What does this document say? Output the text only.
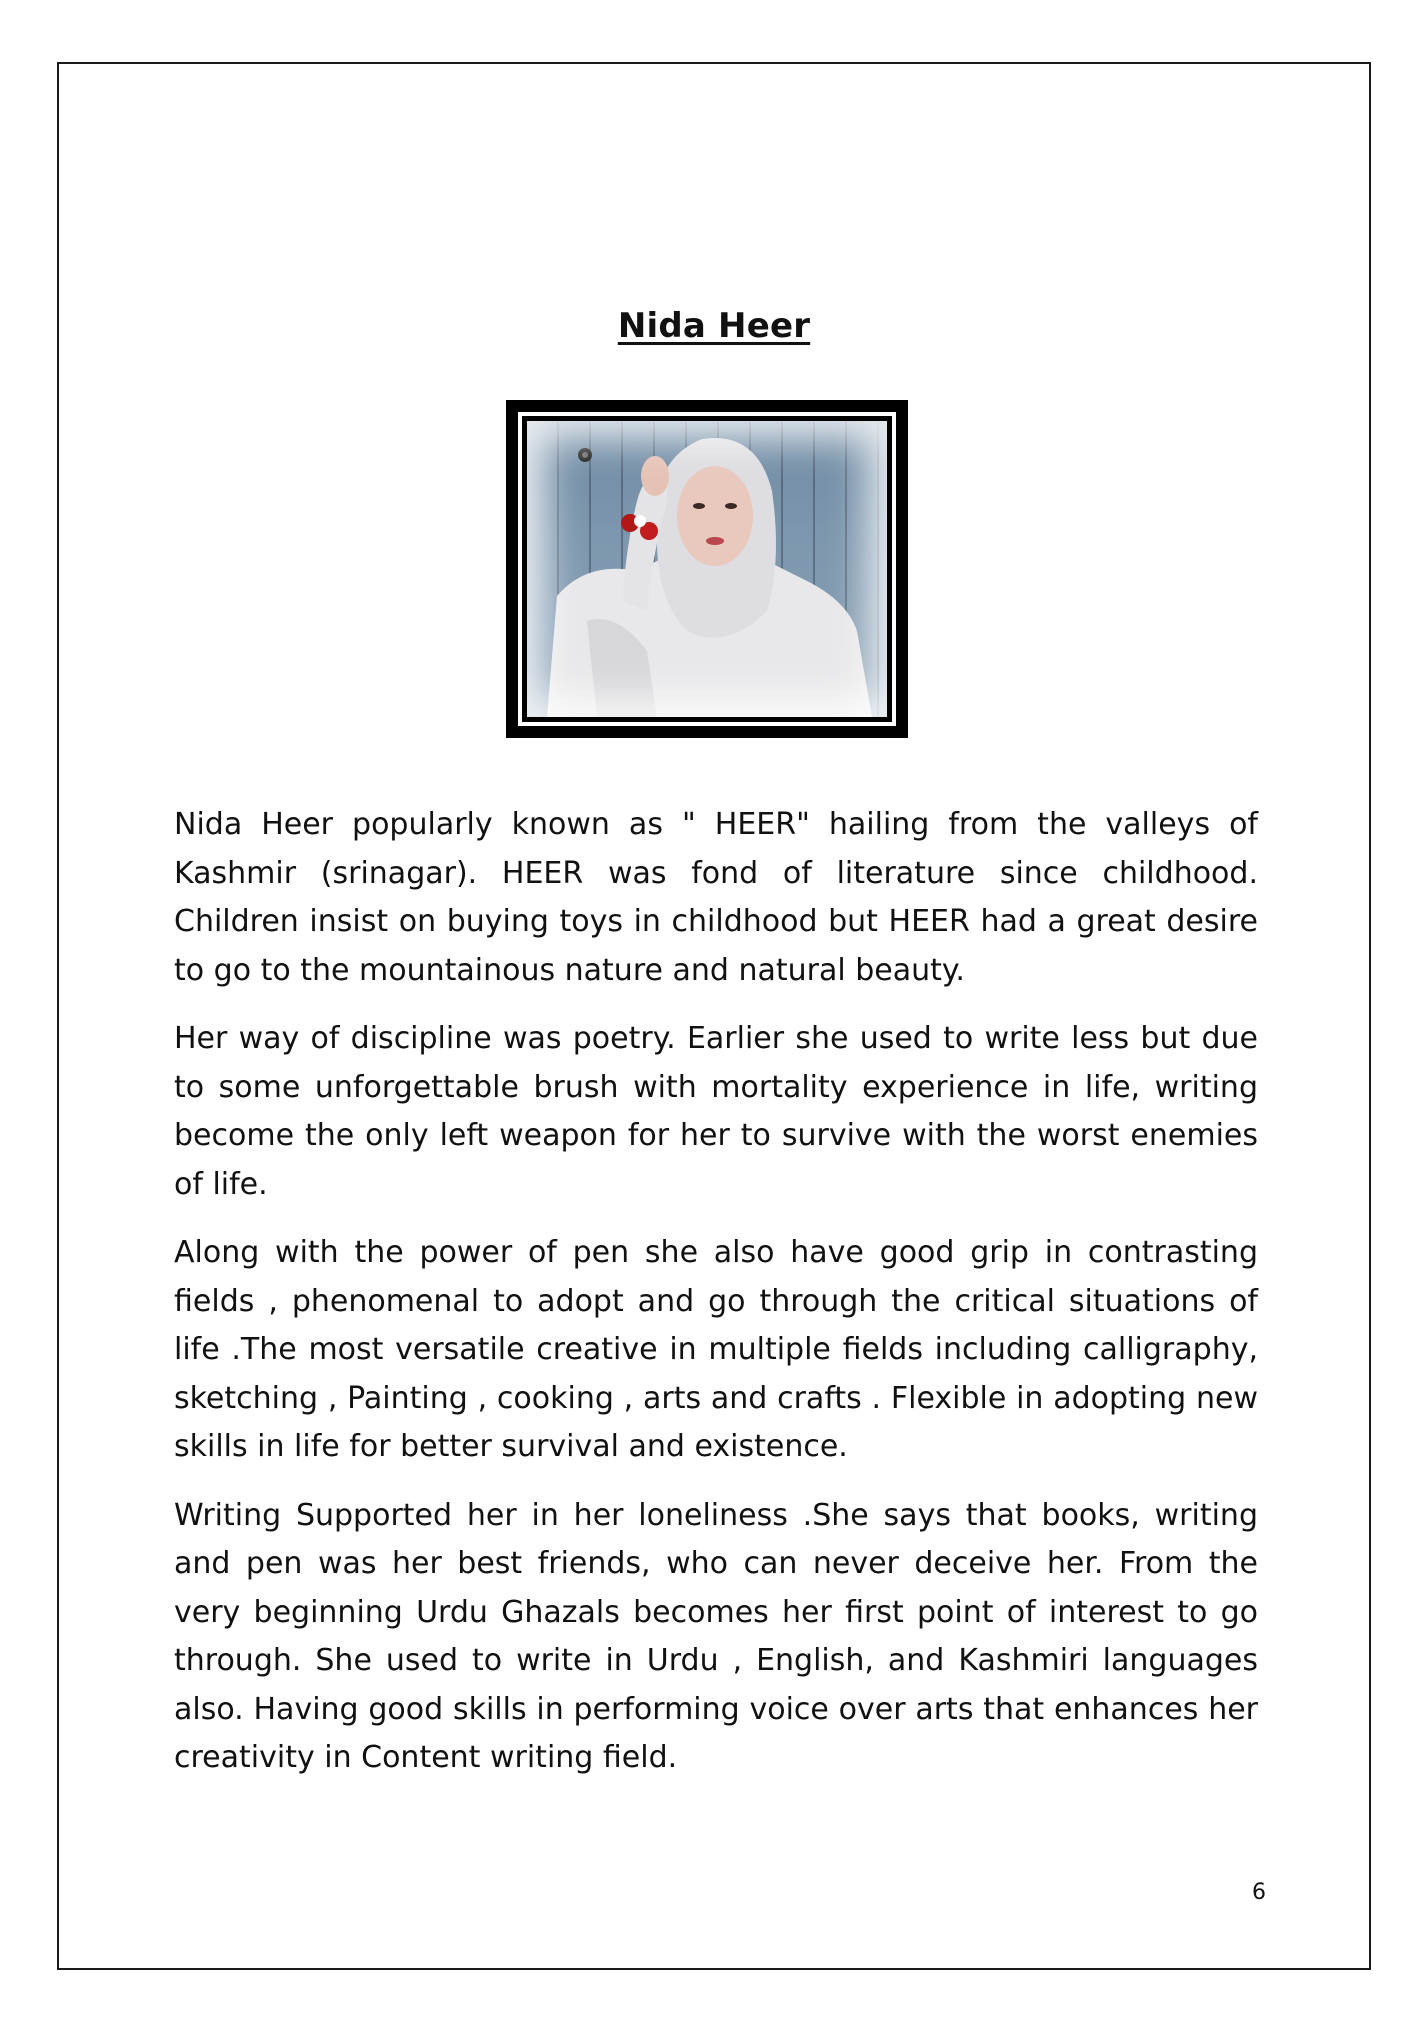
Nida Heer

Nida Heer popularly known as " HEER" hailing from the valleys of Kashmir (srinagar). HEER was fond of literature since childhood. Children insist on buying toys in childhood but HEER had a great desire to go to the mountainous nature and natural beauty.

Her way of discipline was poetry. Earlier she used to write less but due to some unforgettable brush with mortality experience in life, writing become the only left weapon for her to survive with the worst enemies of life.

Along with the power of pen she also have good grip in contrasting fields , phenomenal to adopt and go through the critical situations of life .The most versatile creative in multiple fields including calligraphy, sketching , Painting , cooking , arts and crafts . Flexible in adopting new skills in life for better survival and existence.

Writing Supported her in her loneliness .She says that books, writing and pen was her best friends, who can never deceive her. From the very beginning Urdu Ghazals becomes her first point of interest to go through. She used to write in Urdu , English, and Kashmiri languages also. Having good skills in performing voice over arts that enhances her creativity in Content writing field.

6
